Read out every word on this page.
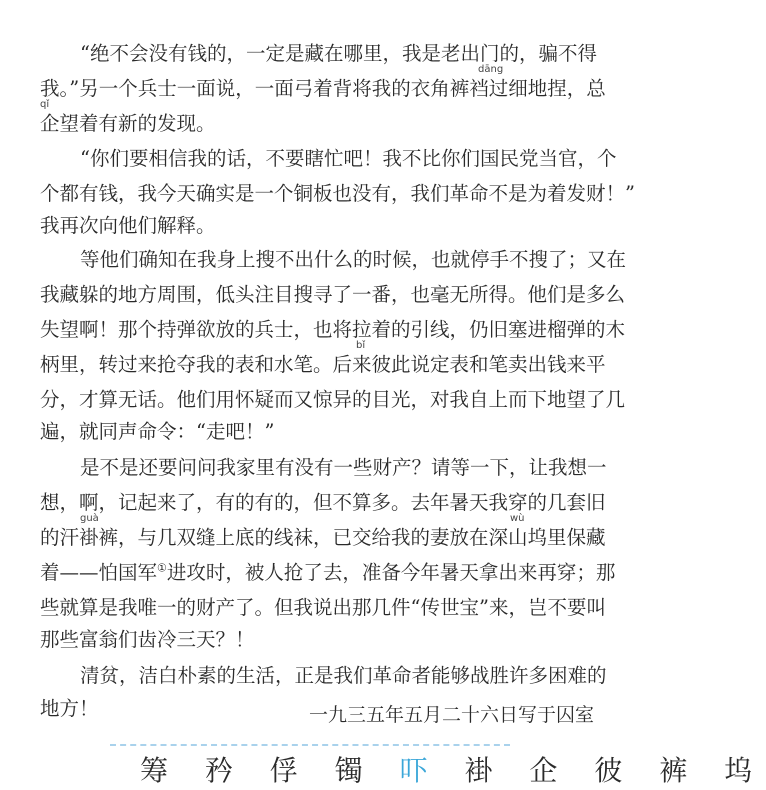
“绝不会没有钱的，一定是藏在哪里，我是老出门的，骗不得
dāng
我。”另一个兵士一面说，一面弓着背将我的衣角裤裆过细地捏，总
qǐ
企望着有新的发现。
“你们要相信我的话，不要瞎忙吧！我不比你们国民党当官，个
个都有钱，我今天确实是一个铜板也没有，我们革命不是为着发财！”
我再次向他们解释。
等他们确知在我身上搜不出什么的时候，也就停手不搜了；又在
我藏躲的地方周围，低头注目搜寻了一番，也毫无所得。他们是多么
失望啊！那个持弹欲放的兵士，也将拉着的引线，仍旧塞进榴弹的木
bǐ
柄里，转过来抢夺我的表和水笔。后来彼此说定表和笔卖出钱来平
分，才算无话。他们用怀疑而又惊异的目光，对我自上而下地望了几
遍，就同声命令：“走吧！”
是不是还要问问我家里有没有一些财产？请等一下，让我想一
想，啊，记起来了，有的有的，但不算多。去年暑天我穿的几套旧
guà	wù
的汗褂裤，与几双缝上底的线袜，已交给我的妻放在深山坞里保藏
着——怕国军①进攻时，被人抢了去，准备今年暑天拿出来再穿；那
些就算是我唯一的财产了。但我说出那几件“传世宝”来，岂不要叫
那些富翁们齿冷三天？！
清贫，洁白朴素的生活，正是我们革命者能够战胜许多困难的
地方！	一九三五年五月二十六日写于囚室
筹 矜 俘 镯 吓 褂 企 彼 裤 坞
